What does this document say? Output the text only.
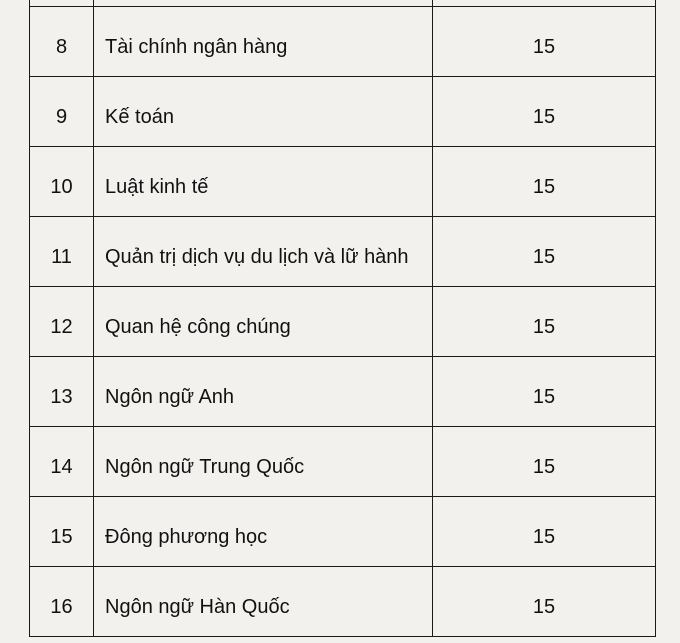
8	Tài chính ngân hàng	15

9	Kế toán	15

10	Luật kinh tế	15

11	Quản trị dịch vụ du lịch và lữ hành	15

12	Quan hệ công chúng	15

13	Ngôn ngữ Anh	15

14	Ngôn ngữ Trung Quốc	15

15	Đông phương học	15

16	Ngôn ngữ Hàn Quốc	15
